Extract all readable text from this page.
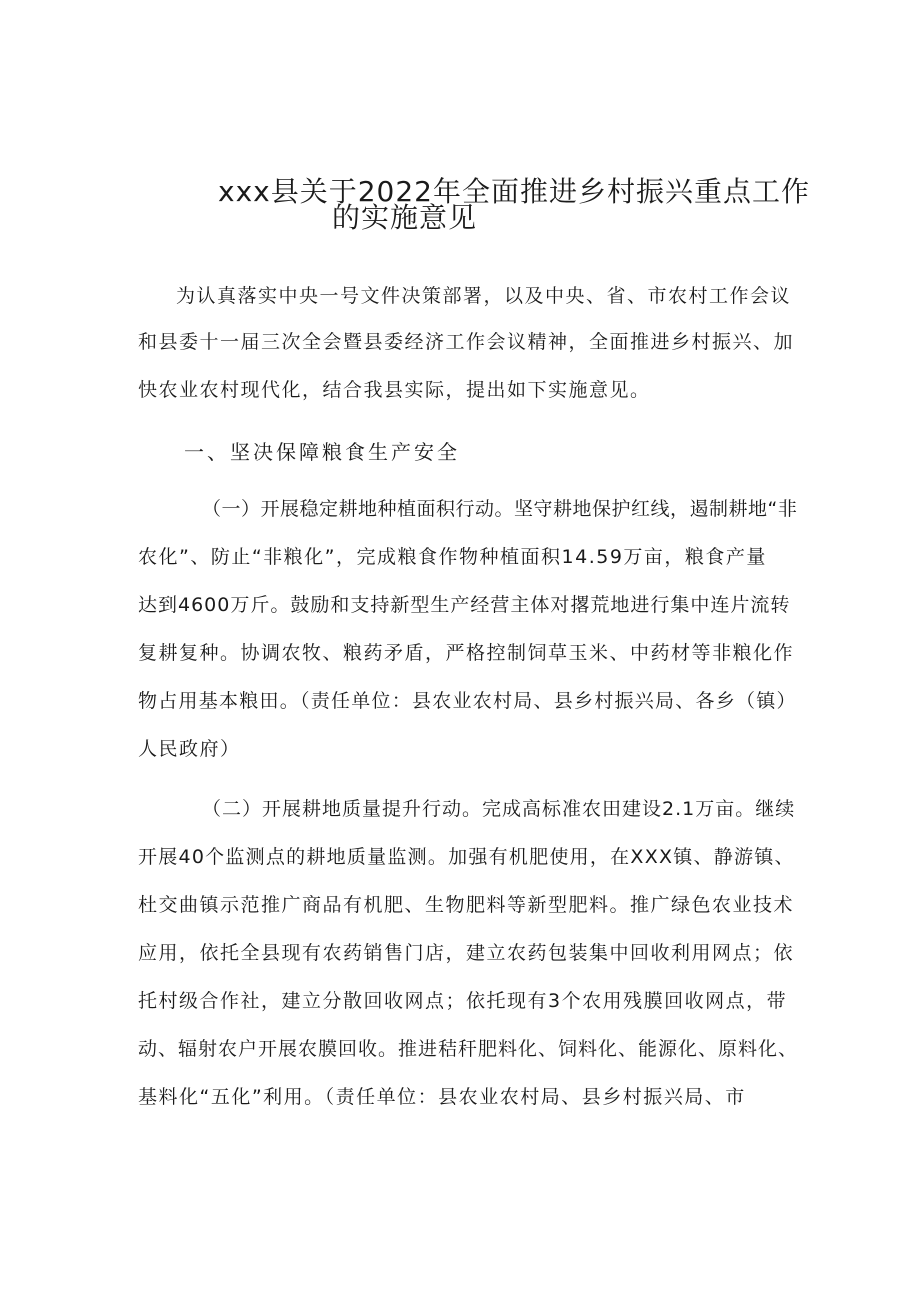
xxx县关于2022年全面推进乡村振兴重点工作
的实施意见
为认真落实中央一号文件决策部署，以及中央、省、市农村工作会议
和县委十一届三次全会暨县委经济工作会议精神，全面推进乡村振兴、加
快农业农村现代化，结合我县实际，提出如下实施意见。
一、坚决保障粮食生产安全
（一）开展稳定耕地种植面积行动。坚守耕地保护红线，遏制耕地“非
农化”、防止“非粮化”，完成粮食作物种植面积14.59万亩，粮食产量
达到4600万斤。鼓励和支持新型生产经营主体对撂荒地进行集中连片流转
复耕复种。协调农牧、粮药矛盾，严格控制饲草玉米、中药材等非粮化作
物占用基本粮田。（责任单位：县农业农村局、县乡村振兴局、各乡（镇）
人民政府）
（二）开展耕地质量提升行动。完成高标准农田建设2.1万亩。继续
开展40个监测点的耕地质量监测。加强有机肥使用，在XXX镇、静游镇、
杜交曲镇示范推广商品有机肥、生物肥料等新型肥料。推广绿色农业技术
应用，依托全县现有农药销售门店，建立农药包装集中回收利用网点；依
托村级合作社，建立分散回收网点；依托现有3个农用残膜回收网点，带
动、辐射农户开展农膜回收。推进秸秆肥料化、饲料化、能源化、原料化、
基料化“五化”利用。（责任单位：县农业农村局、县乡村振兴局、市
